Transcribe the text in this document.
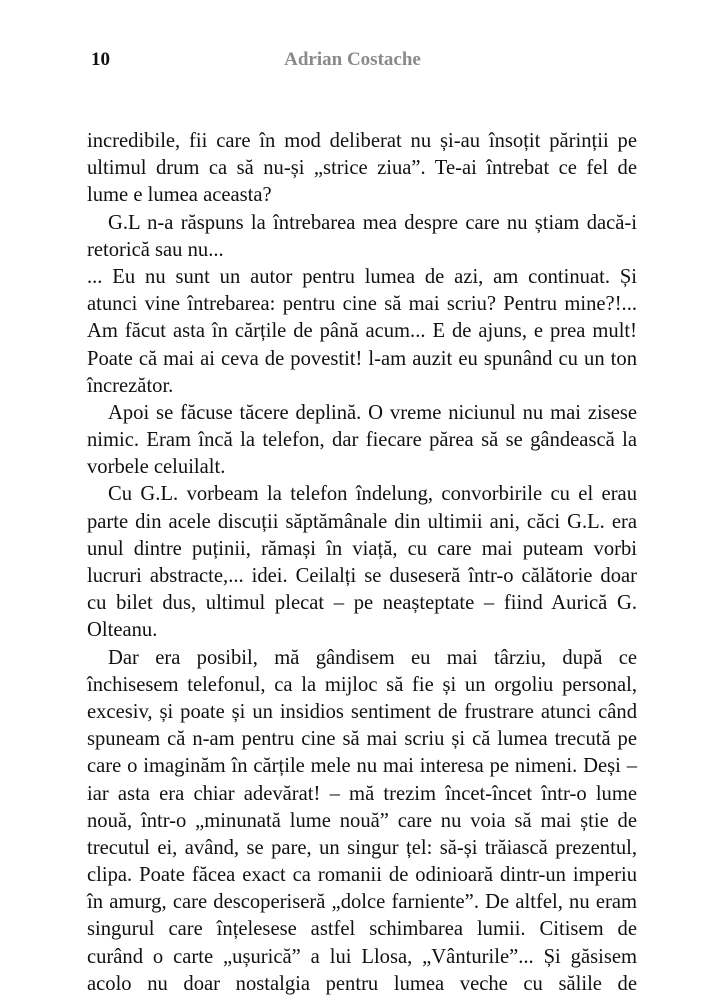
10	Adrian Costache
incredibile, fii care în mod deliberat nu și-au însoțit părinții pe
ultimul drum ca să nu-și „strice ziua”. Te-ai întrebat ce fel de
lume e lumea aceasta?
G.L n-a răspuns la întrebarea mea despre care nu știam dacă-i
retorică sau nu...
... Eu nu sunt un autor pentru lumea de azi, am continuat. Și
atunci vine întrebarea: pentru cine să mai scriu? Pentru mine?!...
Am făcut asta în cărțile de până acum... E de ajuns, e prea mult!
Poate că mai ai ceva de povestit! l-am auzit eu spunând cu un ton
încrezător.
Apoi se făcuse tăcere deplină. O vreme niciunul nu mai zisese
nimic. Eram încă la telefon, dar fiecare părea să se gândească la
vorbele celuilalt.
Cu G.L. vorbeam la telefon îndelung, convorbirile cu el erau
parte din acele discuții săptămânale din ultimii ani, căci G.L. era
unul dintre puținii, rămași în viață, cu care mai puteam vorbi
lucruri abstracte,... idei. Ceilalți se duseseră într-o călătorie doar
cu bilet dus, ultimul plecat – pe neașteptate – fiind Aurică G.
Olteanu.
Dar era posibil, mă gândisem eu mai târziu, după ce
închisesem telefonul, ca la mijloc să fie și un orgoliu personal,
excesiv, și poate și un insidios sentiment de frustrare atunci când
spuneam că n-am pentru cine să mai scriu și că lumea trecută pe
care o imaginăm în cărțile mele nu mai interesa pe nimeni. Deși –
iar asta era chiar adevărat! – mă trezim încet-încet într-o lume
nouă, într-o „minunată lume nouă” care nu voia să mai știe de
trecutul ei, având, se pare, un singur țel: să-și trăiască prezentul,
clipa. Poate făcea exact ca romanii de odinioară dintr-un imperiu
în amurg, care descoperiseră „dolce farniente”. De altfel, nu eram
singurul care înțelesese astfel schimbarea lumii. Citisem de
curând o carte „ușurică” a lui Llosa, „Vânturile”... Și găsisem
acolo nu doar nostalgia pentru lumea veche cu sălile de
